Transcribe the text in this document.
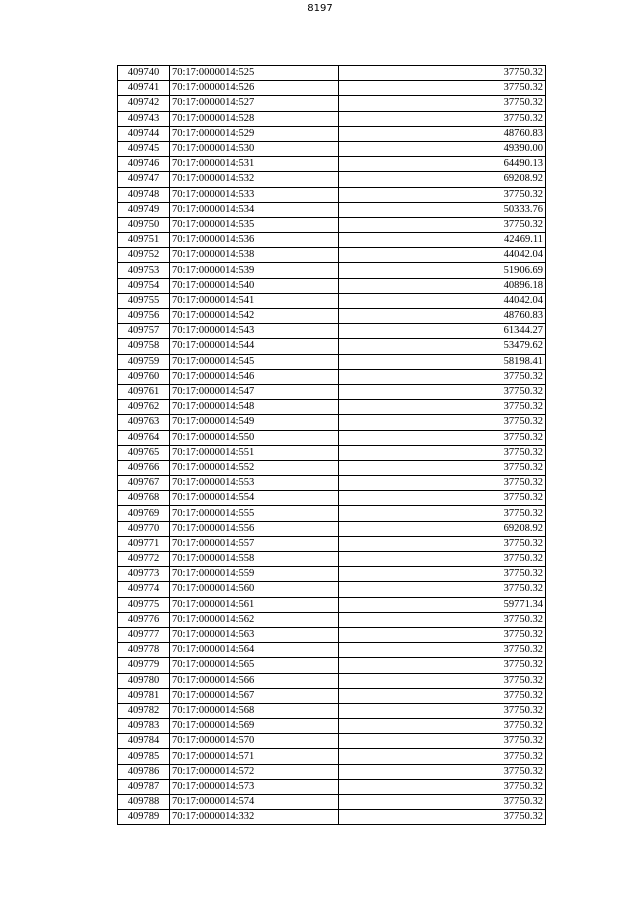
8197
409740	70:17:0000014:525	37750.32
409741	70:17:0000014:526	37750.32
409742	70:17:0000014:527	37750.32
409743	70:17:0000014:528	37750.32
409744	70:17:0000014:529	48760.83
409745	70:17:0000014:530	49390.00
409746	70:17:0000014:531	64490.13
409747	70:17:0000014:532	69208.92
409748	70:17:0000014:533	37750.32
409749	70:17:0000014:534	50333.76
409750	70:17:0000014:535	37750.32
409751	70:17:0000014:536	42469.11
409752	70:17:0000014:538	44042.04
409753	70:17:0000014:539	51906.69
409754	70:17:0000014:540	40896.18
409755	70:17:0000014:541	44042.04
409756	70:17:0000014:542	48760.83
409757	70:17:0000014:543	61344.27
409758	70:17:0000014:544	53479.62
409759	70:17:0000014:545	58198.41
409760	70:17:0000014:546	37750.32
409761	70:17:0000014:547	37750.32
409762	70:17:0000014:548	37750.32
409763	70:17:0000014:549	37750.32
409764	70:17:0000014:550	37750.32
409765	70:17:0000014:551	37750.32
409766	70:17:0000014:552	37750.32
409767	70:17:0000014:553	37750.32
409768	70:17:0000014:554	37750.32
409769	70:17:0000014:555	37750.32
409770	70:17:0000014:556	69208.92
409771	70:17:0000014:557	37750.32
409772	70:17:0000014:558	37750.32
409773	70:17:0000014:559	37750.32
409774	70:17:0000014:560	37750.32
409775	70:17:0000014:561	59771.34
409776	70:17:0000014:562	37750.32
409777	70:17:0000014:563	37750.32
409778	70:17:0000014:564	37750.32
409779	70:17:0000014:565	37750.32
409780	70:17:0000014:566	37750.32
409781	70:17:0000014:567	37750.32
409782	70:17:0000014:568	37750.32
409783	70:17:0000014:569	37750.32
409784	70:17:0000014:570	37750.32
409785	70:17:0000014:571	37750.32
409786	70:17:0000014:572	37750.32
409787	70:17:0000014:573	37750.32
409788	70:17:0000014:574	37750.32
409789	70:17:0000014:332	37750.32
